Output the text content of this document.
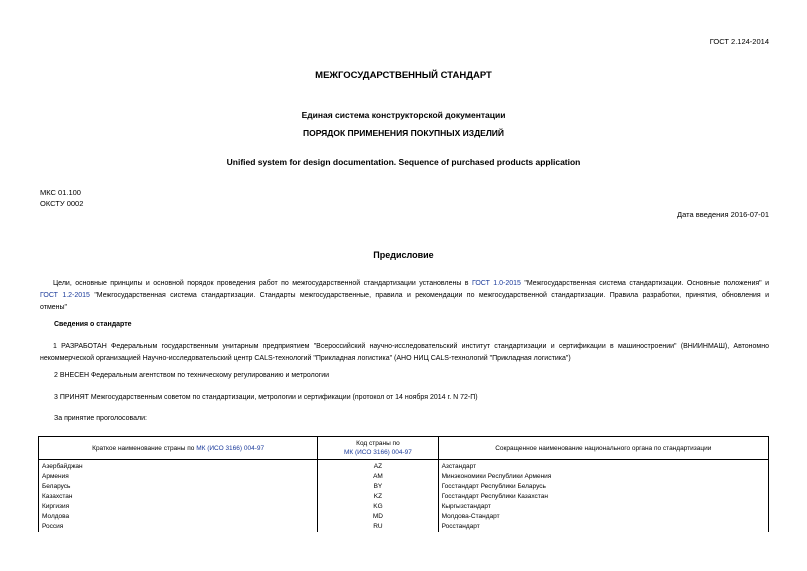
ГОСТ 2.124-2014
МЕЖГОСУДАРСТВЕННЫЙ СТАНДАРТ
Единая система конструкторской документации
ПОРЯДОК ПРИМЕНЕНИЯ ПОКУПНЫХ ИЗДЕЛИЙ
Unified system for design documentation. Sequence of purchased products application
МКС 01.100
ОКСТУ 0002
Дата введения 2016-07-01
Предисловие
Цели, основные принципы и основной порядок проведения работ по межгосударственной стандартизации установлены в ГОСТ 1.0-2015 "Межгосударственная система стандартизации. Основные положения" и
ГОСТ 1.2-2015 "Межгосударственная система стандартизации. Стандарты межгосударственные, правила и рекомендации по межгосударственной стандартизации. Правила разработки, принятия, обновления и
отмены"
Сведения о стандарте
1 РАЗРАБОТАН Федеральным государственным унитарным предприятием "Всероссийский научно-исследовательский институт стандартизации и сертификации в машиностроении" (ВНИИНМАШ), Автономно
некоммерческой организацией Научно-исследовательский центр CALS-технологий "Прикладная логистика" (АНО НИЦ CALS-технологий "Прикладная логистика")
2 ВНЕСЕН Федеральным агентством по техническому регулированию и метрологии
3 ПРИНЯТ Межгосударственным советом по стандартизации, метрологии и сертификации (протокол от 14 ноября 2014 г. N 72-П)
За принятие проголосовали:
Краткое наименование страны по МК (ИСО 3166) 004-97	Код страны по
МК (ИСО 3166) 004-97	Сокращенное наименование национального органа по стандартизации
Азербайджан	AZ	Азстандарт
Армения	AM	Минэкономики Республики Армения
Беларусь	BY	Госстандарт Республики Беларусь
Казахстан	KZ	Госстандарт Республики Казахстан
Киргизия	KG	Кыргызстандарт
Молдова	MD	Молдова-Стандарт
Россия	RU	Росстандарт
